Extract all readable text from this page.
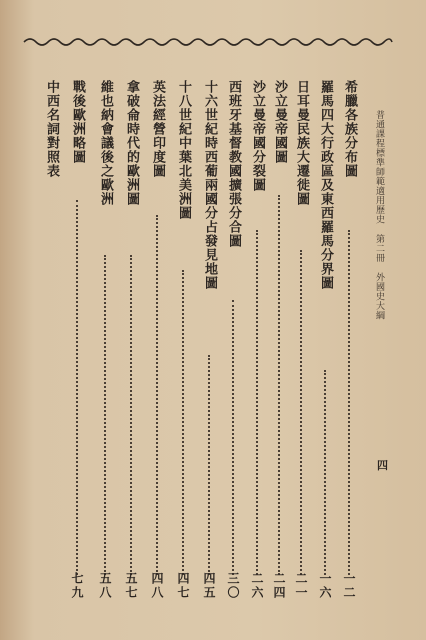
普通課程標準師範適用歷史第二冊外國史大綱
四
希臘各族分布圖
一二
羅馬四大行政區及東西羅馬分界圖
一六
日耳曼民族大遷徙圖
二一
沙立曼帝國圖
二四
沙立曼帝國分裂圖
二六
西班牙基督教國擴張分合圖
三〇
十六世紀時西葡兩國分占發見地圖
四五
十八世紀中葉北美洲圖
四七
英法經營印度圖
四八
拿破侖時代的歐洲圖
五七
維也納會議後之歐洲
五八
戰後歐洲略圖
七九
中西名詞對照表
